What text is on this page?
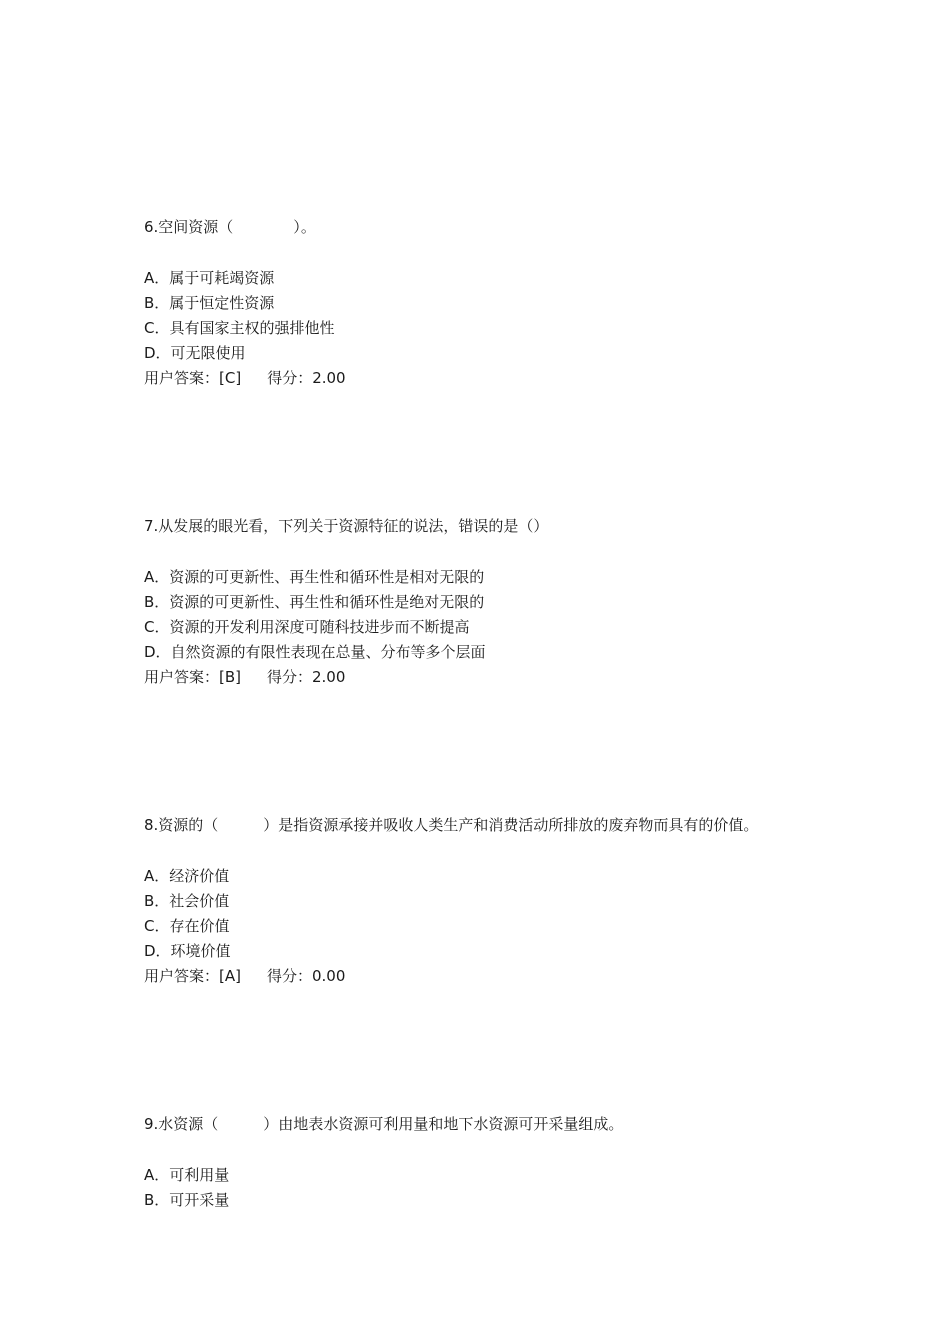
6.空间资源（　　　　）。

A．属于可耗竭资源
B．属于恒定性资源
C．具有国家主权的强排他性
D．可无限使用
用户答案：[C] 得分：2.00

7.从发展的眼光看，下列关于资源特征的说法，错误的是（）

A．资源的可更新性、再生性和循环性是相对无限的
B．资源的可更新性、再生性和循环性是绝对无限的
C．资源的开发利用深度可随科技进步而不断提高
D．自然资源的有限性表现在总量、分布等多个层面
用户答案：[B] 得分：2.00

8.资源的（　　　）是指资源承接并吸收人类生产和消费活动所排放的废弃物而具有的价值。

A．经济价值
B．社会价值
C．存在价值
D．环境价值
用户答案：[A] 得分：0.00

9.水资源（　　　）由地表水资源可利用量和地下水资源可开采量组成。

A．可利用量
B．可开采量
